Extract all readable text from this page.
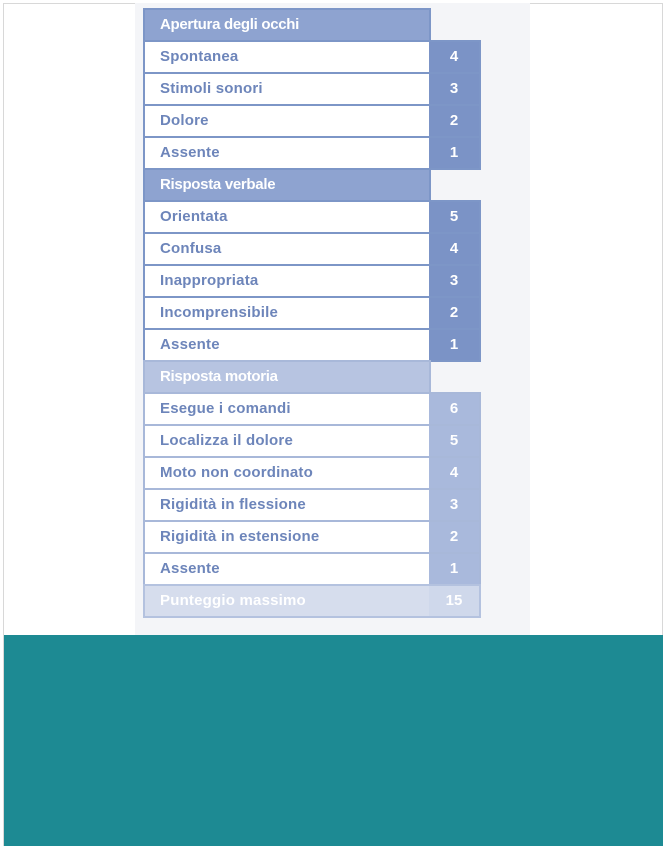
Apertura degli occhi
Spontanea	4
Stimoli sonori	3
Dolore	2
Assente	1
Risposta verbale
Orientata	5
Confusa	4
Inappropriata	3
Incomprensibile	2
Assente	1
Risposta motoria
Esegue i comandi	6
Localizza il dolore	5
Moto non coordinato	4
Rigidità in flessione	3
Rigidità in estensione	2
Assente	1
Punteggio massimo	15
